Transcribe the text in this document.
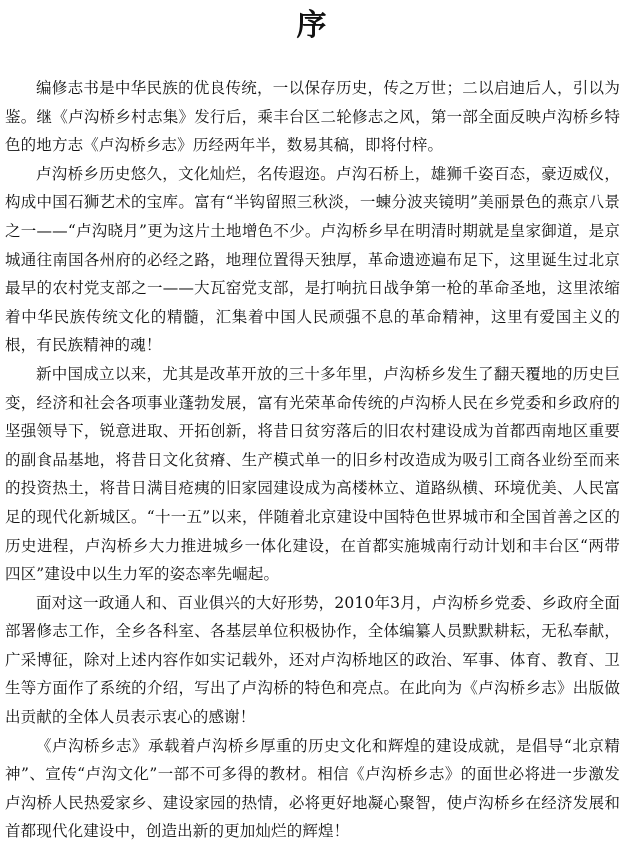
序

编修志书是中华民族的优良传统，一以保存历史，传之万世；二以启迪后人，引以为鉴。继《卢沟桥乡村志集》发行后，乘丰台区二轮修志之风，第一部全面反映卢沟桥乡特色的地方志《卢沟桥乡志》历经两年半，数易其稿，即将付梓。

卢沟桥乡历史悠久，文化灿烂，名传遐迩。卢沟石桥上，雄狮千姿百态，豪迈威仪，构成中国石狮艺术的宝库。富有“半钩留照三秋淡，一蝀分波夹镜明”美丽景色的燕京八景之一——“卢沟晓月”更为这片土地增色不少。卢沟桥乡早在明清时期就是皇家御道，是京城通往南国各州府的必经之路，地理位置得天独厚，革命遗迹遍布足下，这里诞生过北京最早的农村党支部之一——大瓦窑党支部，是打响抗日战争第一枪的革命圣地，这里浓缩着中华民族传统文化的精髓，汇集着中国人民顽强不息的革命精神，这里有爱国主义的根，有民族精神的魂！

新中国成立以来，尤其是改革开放的三十多年里，卢沟桥乡发生了翻天覆地的历史巨变，经济和社会各项事业蓬勃发展，富有光荣革命传统的卢沟桥人民在乡党委和乡政府的坚强领导下，锐意进取、开拓创新，将昔日贫穷落后的旧农村建设成为首都西南地区重要的副食品基地，将昔日文化贫瘠、生产模式单一的旧乡村改造成为吸引工商各业纷至而来的投资热土，将昔日满目疮痍的旧家园建设成为高楼林立、道路纵横、环境优美、人民富足的现代化新城区。“十一五”以来，伴随着北京建设中国特色世界城市和全国首善之区的历史进程，卢沟桥乡大力推进城乡一体化建设，在首都实施城南行动计划和丰台区“两带四区”建设中以生力军的姿态率先崛起。

面对这一政通人和、百业俱兴的大好形势，2010年3月，卢沟桥乡党委、乡政府全面部署修志工作，全乡各科室、各基层单位积极协作，全体编纂人员默默耕耘，无私奉献，广采博征，除对上述内容作如实记载外，还对卢沟桥地区的政治、军事、体育、教育、卫生等方面作了系统的介绍，写出了卢沟桥的特色和亮点。在此向为《卢沟桥乡志》出版做出贡献的全体人员表示衷心的感谢！

《卢沟桥乡志》承载着卢沟桥乡厚重的历史文化和辉煌的建设成就，是倡导“北京精神”、宣传“卢沟文化”一部不可多得的教材。相信《卢沟桥乡志》的面世必将进一步激发卢沟桥人民热爱家乡、建设家园的热情，必将更好地凝心聚智，使卢沟桥乡在经济发展和首都现代化建设中，创造出新的更加灿烂的辉煌！
